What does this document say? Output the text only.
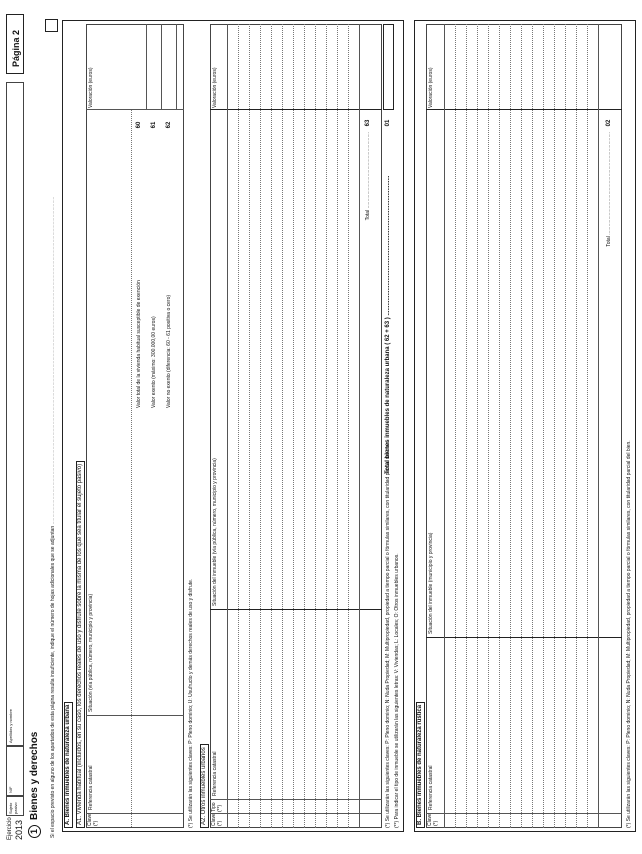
Ejercicio 2013
Sujeto pasivo
NIF
Apellidos y nombre
Página 2
1
Bienes y derechos Si el espacio previsto en alguno de los apartados de esta página resulta insuficiente, indique el número de hojas adicionales que se adjuntan ............................................................................................................................................................................................................................................
A. Bienes inmuebles de naturaleza urbana	A1. Vivienda habitual (incluidos, en su caso, los derechos reales de uso y disfrute sobre la misma de los que sea titular el sujeto pasivo) Clave (*)
Referencia catastral
Situación (vía pública, número, municipio y provincia)
Valoración (euros)
Valor total de la vivienda habitual susceptible de exención Valor exento (máximo: 300.000,00 euros) Valor no exento (diferencia: 60 - 61 positiva o cero)
60 61 62
(*) Se utilizarán las siguientes claves: P: Pleno dominio; U: Usufructo y demás derechos reales de uso y disfrute. A2. Otros inmuebles urbanos Clave (*)
Tipo (**)
Referencia catastral
Situación del inmueble (vía pública, número, municipio y provincia)
Valoración (euros)
Total .......................................................
63
(*) Se utilizarán las siguientes claves: P: Pleno dominio; N: Nuda Propiedad; M: Multipropiedad, propiedad a tiempo parcial o fórmulas similares, con titularidad parcial del bien. (**) Para indicar el tipo de inmueble se utilizarán las siguientes letras: V: Viviendas; L: Locales; O: Otros inmuebles urbanos.
Total bienes inmuebles de naturaleza urbana ( 62 + 63 ) ....................................................................................
01
B. Bienes inmuebles de naturaleza rústica Clave (*)
Referencia catastral
Situación del inmueble (municipio y provincia)
Valoración (euros)
Total ..........................................................................
02
(*) Se utilizarán las siguientes claves: P: Pleno dominio; N: Nuda Propiedad; M: Multipropiedad, propiedad a tiempo parcial o fórmulas similares, con titularidad parcial del bien.
